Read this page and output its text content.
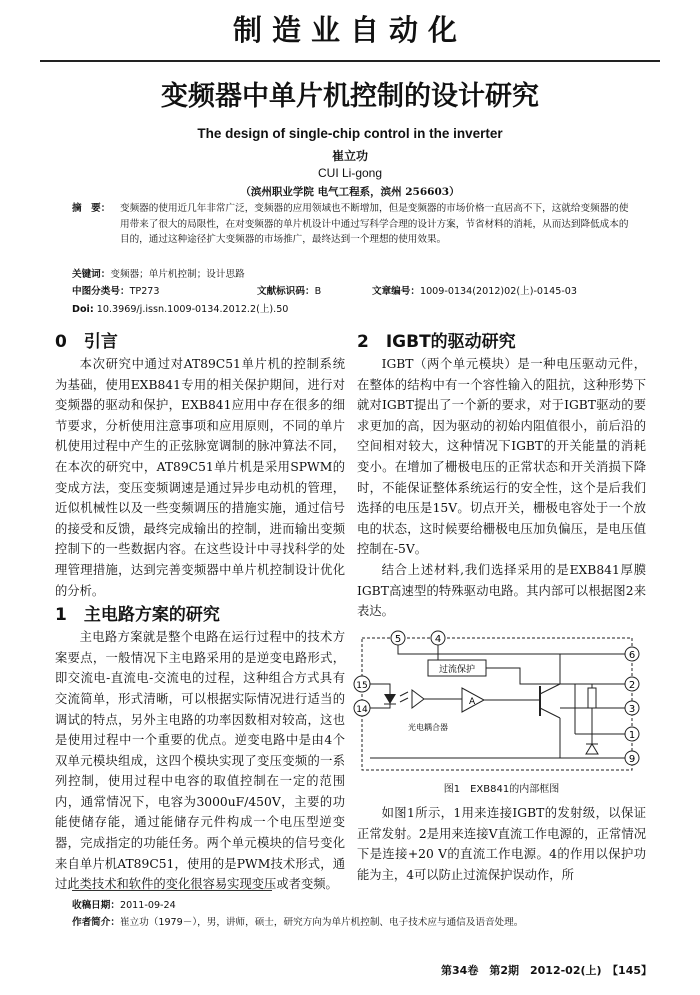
制造业自动化
变频器中单片机控制的设计研究
The design of single-chip control in the inverter
崔立功
CUI Li-gong
（滨州职业学院 电气工程系，滨州 256603）
摘　要： 变频器的使用近几年非常广泛，变频器的应用领域也不断增加，但是变频器的市场价格一直居高不下，这就给变频器的使用带来了很大的局限性，在对变频器的单片机设计中通过写科学合理的设计方案，节省材料的消耗，从而达到降低成本的目的，通过这种途径扩大变频器的市场推广，最终达到一个理想的使用效果。
关键词：变频器；单片机控制；设计思路
中图分类号：TP273	文献标识码：B	文章编号：1009-0134(2012)02(上)-0145-03
Doi: 10.3969/j.issn.1009-0134.2012.2(上).50
0　引言

本次研究中通过对AT89C51单片机的控制系统为基础，使用EXB841专用的相关保护期间，进行对变频器的驱动和保护，EXB841应用中存在很多的细节要求，分析使用注意事项和应用原则，不同的单片机使用过程中产生的正弦脉宽调制的脉冲算法不同，在本次的研究中，AT89C51单片机是采用SPWM的变成方法，变压变频调速是通过异步电动机的管理，近似机械性以及一些变频调压的措施实施，通过信号的接受和反馈，最终完成输出的控制，进而输出变频控制下的一些数据内容。在这些设计中寻找科学的处理管理措施，达到完善变频器中单片机控制设计优化的分析。

1　主电路方案的研究

主电路方案就是整个电路在运行过程中的技术方案要点，一般情况下主电路采用的是逆变电路形式，即交流电-直流电-交流电的过程，这种组合方式具有交流简单，形式清晰，可以根据实际情况进行适当的调试的特点，另外主电路的功率因数相对较高，这也是使用过程中一个重要的优点。逆变电路中是由4个双单元模块组成，这四个模块实现了变压变频的一系列控制，使用过程中电容的取值控制在一定的范围内，通常情况下，电容为3000uF/450V，主要的功能使储存能，通过能储存元件构成一个电压型逆变器，完成指定的功能任务。两个单元模块的信号变化来自单片机AT89C51，使用的是PWM技术形式，通过此类技术和软件的变化很容易实现变压或者变频。

2　IGBT的驱动研究

IGBT（两个单元模块）是一种电压驱动元件，在整体的结构中有一个容性输入的阻抗，这种形势下就对IGBT提出了一个新的要求，对于IGBT驱动的要求更加的高，因为驱动的初始内阻值很小，前后沿的空间相对较大，这种情况下IGBT的开关能量的消耗变小。在增加了栅极电压的正常状态和开关消损下降时，不能保证整体系统运行的安全性，这个是后我们选择的电压是15V。切点开关，栅极电容处于一个放电的状态，这时候要给栅极电压加负偏压，是电压值控制在-5V。

结合上述材料,我们选择采用的是EXB841厚膜IGBT高速型的特殊驱动电路。其内部可以根据图2来表达。

5	4
6
2
3
1
9
15
14
过流保护
A
光电耦合器
图1　EXB841的内部框图

如图1所示，1用来连接IGBT的发射级，以保证正常发射。2是用来连接V直流工作电源的，正常情况下是连接+20 V的直流工作电源。4的作用以保护功能为主，4可以防止过流保护误动作，所

收稿日期：2011-09-24
作者简介：崔立功（1979－），男，讲师，硕士，研究方向为单片机控制、电子技术应与通信及语音处理。
第34卷　第2期　2012-02(上)　【145】
